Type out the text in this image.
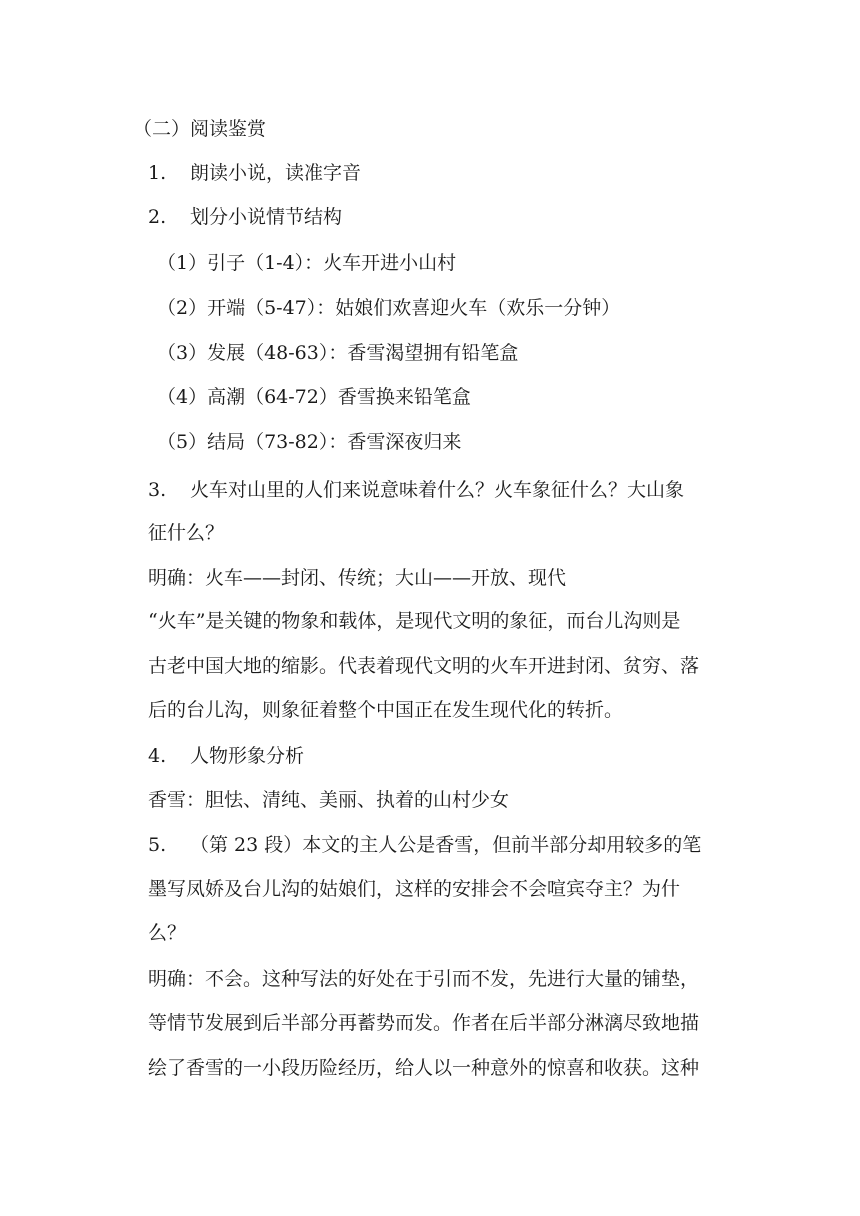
（二）阅读鉴赏
1. 朗读小说，读准字音
2. 划分小说情节结构
（1）引子（1-4）：火车开进小山村
（2）开端（5-47）：姑娘们欢喜迎火车（欢乐一分钟）
（3）发展（48-63）：香雪渴望拥有铅笔盒
（4）高潮（64-72）香雪换来铅笔盒
（5）结局（73-82）：香雪深夜归来
3. 火车对山里的人们来说意味着什么？火车象征什么？大山象
征什么？
明确：火车——封闭、传统；大山——开放、现代
“火车”是关键的物象和载体，是现代文明的象征，而台儿沟则是
古老中国大地的缩影。代表着现代文明的火车开进封闭、贫穷、落
后的台儿沟，则象征着整个中国正在发生现代化的转折。
4. 人物形象分析
香雪：胆怯、清纯、美丽、执着的山村少女
5. （第 23 段）本文的主人公是香雪，但前半部分却用较多的笔
墨写凤娇及台儿沟的姑娘们，这样的安排会不会喧宾夺主？为什
么？
明确：不会。这种写法的好处在于引而不发，先进行大量的铺垫，
等情节发展到后半部分再蓄势而发。作者在后半部分淋漓尽致地描
绘了香雪的一小段历险经历，给人以一种意外的惊喜和收获。这种
